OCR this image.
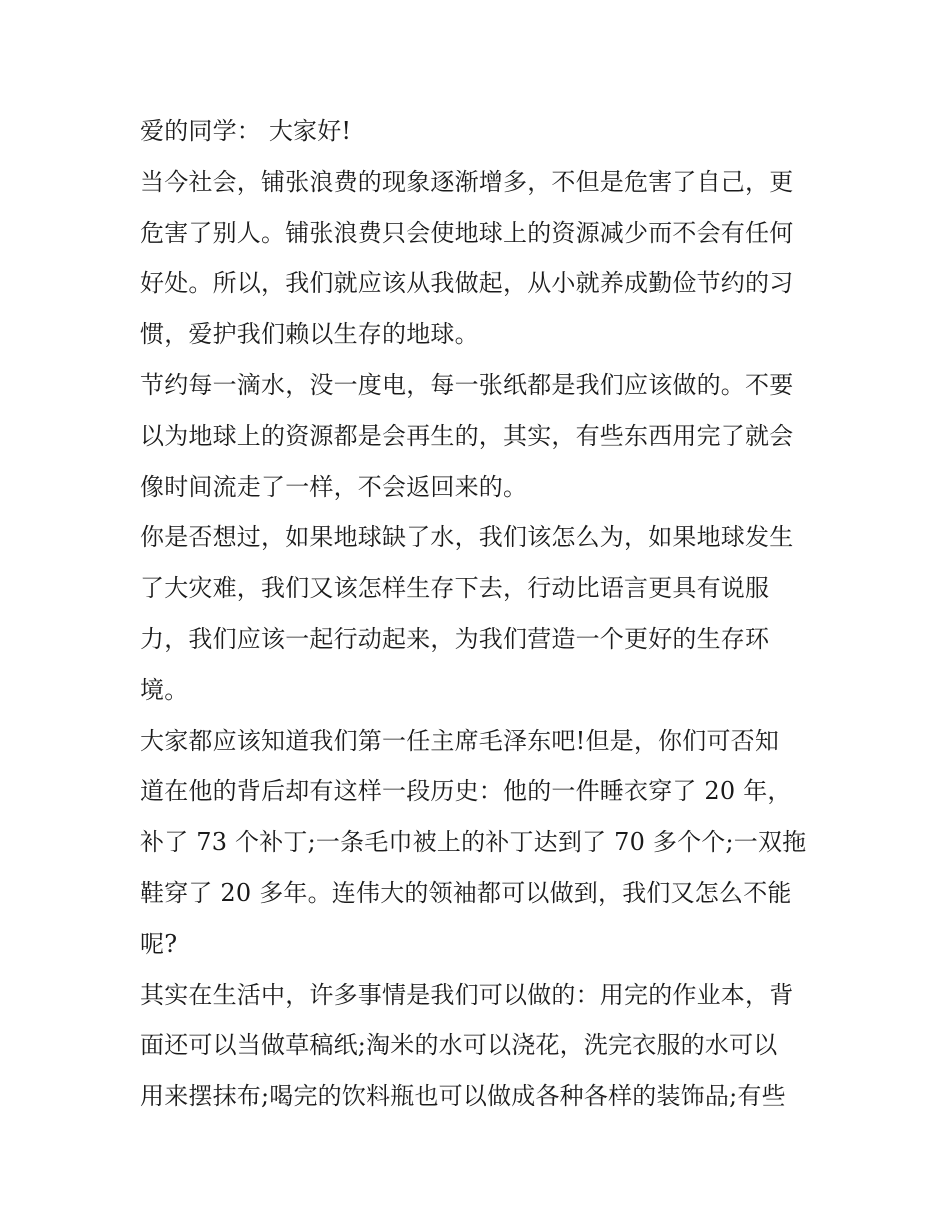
爱的同学： 大家好!

当今社会，铺张浪费的现象逐渐增多，不但是危害了自己，更
危害了别人。铺张浪费只会使地球上的资源减少而不会有任何
好处。所以，我们就应该从我做起，从小就养成勤俭节约的习
惯，爱护我们赖以生存的地球。

节约每一滴水，没一度电，每一张纸都是我们应该做的。不要
以为地球上的资源都是会再生的，其实，有些东西用完了就会
像时间流走了一样，不会返回来的。

你是否想过，如果地球缺了水，我们该怎么为，如果地球发生
了大灾难，我们又该怎样生存下去，行动比语言更具有说服
力，我们应该一起行动起来，为我们营造一个更好的生存环
境。

大家都应该知道我们第一任主席毛泽东吧!但是，你们可否知
道在他的背后却有这样一段历史：他的一件睡衣穿了 20 年，
补了 73 个补丁;一条毛巾被上的补丁达到了 70 多个个;一双拖
鞋穿了 20 多年。连伟大的领袖都可以做到，我们又怎么不能
呢?

其实在生活中，许多事情是我们可以做的：用完的作业本，背
面还可以当做草稿纸;淘米的水可以浇花，洗完衣服的水可以
用来摆抹布;喝完的饮料瓶也可以做成各种各样的装饰品;有些
